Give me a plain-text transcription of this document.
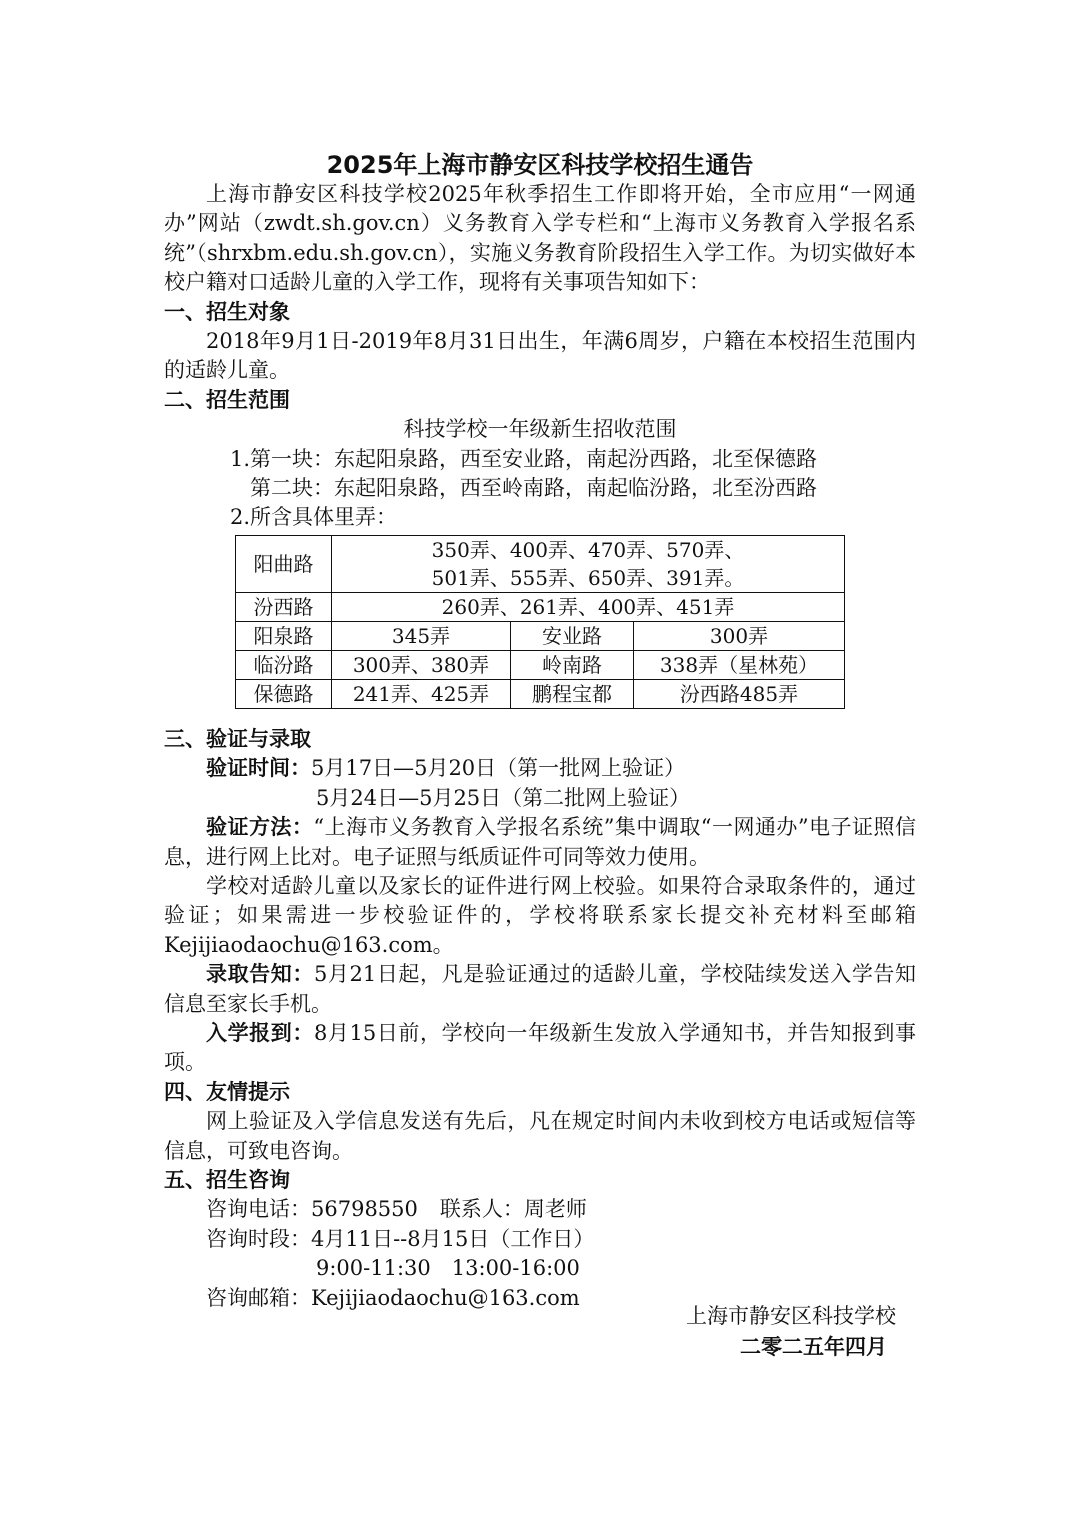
2025年上海市静安区科技学校招生通告

上海市静安区科技学校2025年秋季招生工作即将开始，全市应用“一网通办”网站（zwdt.sh.gov.cn）义务教育入学专栏和“上海市义务教育入学报名系统”（shrxbm.edu.sh.gov.cn），实施义务教育阶段招生入学工作。为切实做好本校户籍对口适龄儿童的入学工作，现将有关事项告知如下：

一、招生对象

2018年9月1日-2019年8月31日出生，年满6周岁，户籍在本校招生范围内的适龄儿童。

二、招生范围

科技学校一年级新生招收范围

1.第一块：东起阳泉路，西至安业路，南起汾西路，北至保德路

第二块：东起阳泉路，西至岭南路，南起临汾路，北至汾西路

2.所含具体里弄：

阳曲路	350弄、400弄、470弄、570弄、
501弄、555弄、650弄、391弄。		

汾西路	260弄、261弄、400弄、451弄		
阳泉路	345弄	安业路	300弄
临汾路	300弄、380弄	岭南路	338弄（星林苑）
保德路	241弄、425弄	鹏程宝都	汾西路485弄

三、验证与录取

验证时间：5月17日—5月20日（第一批网上验证）

5月24日—5月25日（第二批网上验证）

验证方法：“上海市义务教育入学报名系统”集中调取“一网通办”电子证照信息，进行网上比对。电子证照与纸质证件可同等效力使用。

学校对适龄儿童以及家长的证件进行网上校验。如果符合录取条件的，通过验证；如果需进一步校验证件的，学校将联系家长提交补充材料至邮箱Kejijiaodaochu@163.com。

录取告知：5月21日起，凡是验证通过的适龄儿童，学校陆续发送入学告知信息至家长手机。

入学报到：8月15日前，学校向一年级新生发放入学通知书，并告知报到事项。

四、友情提示

网上验证及入学信息发送有先后，凡在规定时间内未收到校方电话或短信等信息，可致电咨询。

五、招生咨询

咨询电话：56798550 联系人：周老师

咨询时段：4月11日--8月15日（工作日）

9:00-11:30　13:00-16:00

咨询邮箱：Kejijiaodaochu@163.com

上海市静安区科技学校
二零二五年四月
